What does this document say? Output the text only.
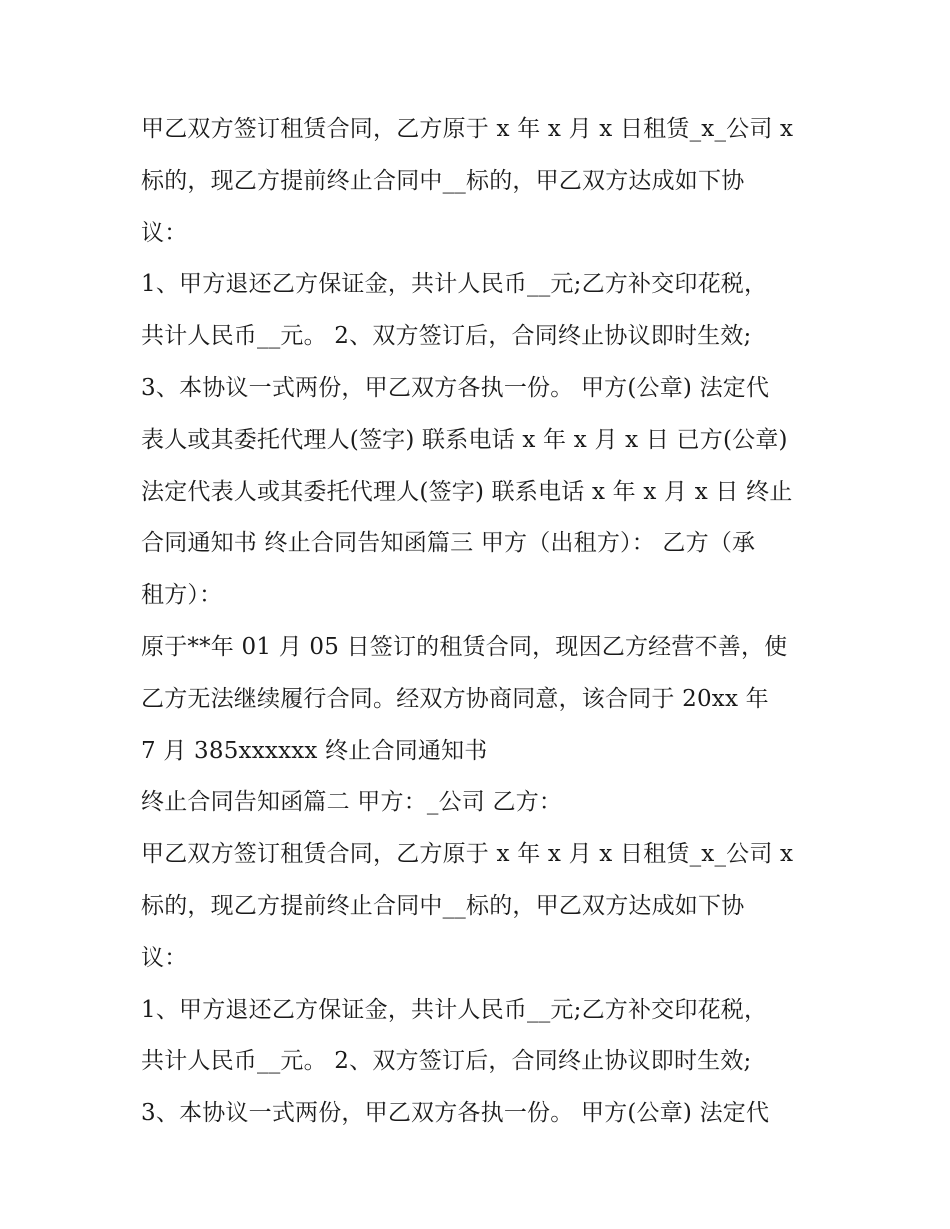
甲乙双方签订租赁合同，乙方原于 x 年 x 月 x 日租赁_x_公司 x
标的，现乙方提前终止合同中__标的，甲乙双方达成如下协
议：
1、甲方退还乙方保证金，共计人民币__元;乙方补交印花税，
共计人民币__元。 2、双方签订后，合同终止协议即时生效;
3、本协议一式两份，甲乙双方各执一份。 甲方(公章) 法定代
表人或其委托代理人(签字) 联系电话 x 年 x 月 x 日 已方(公章)
法定代表人或其委托代理人(签字) 联系电话 x 年 x 月 x 日 终止
合同通知书 终止合同告知函篇三 甲方（出租方）： 乙方（承
租方）：
原于**年 01 月 05 日签订的租赁合同，现因乙方经营不善，使
乙方无法继续履行合同。经双方协商同意，该合同于 20xx 年
7 月 385xxxxxx 终止合同通知书
终止合同告知函篇二 甲方：_公司 乙方：
甲乙双方签订租赁合同，乙方原于 x 年 x 月 x 日租赁_x_公司 x
标的，现乙方提前终止合同中__标的，甲乙双方达成如下协
议：
1、甲方退还乙方保证金，共计人民币__元;乙方补交印花税，
共计人民币__元。 2、双方签订后，合同终止协议即时生效;
3、本协议一式两份，甲乙双方各执一份。 甲方(公章) 法定代
